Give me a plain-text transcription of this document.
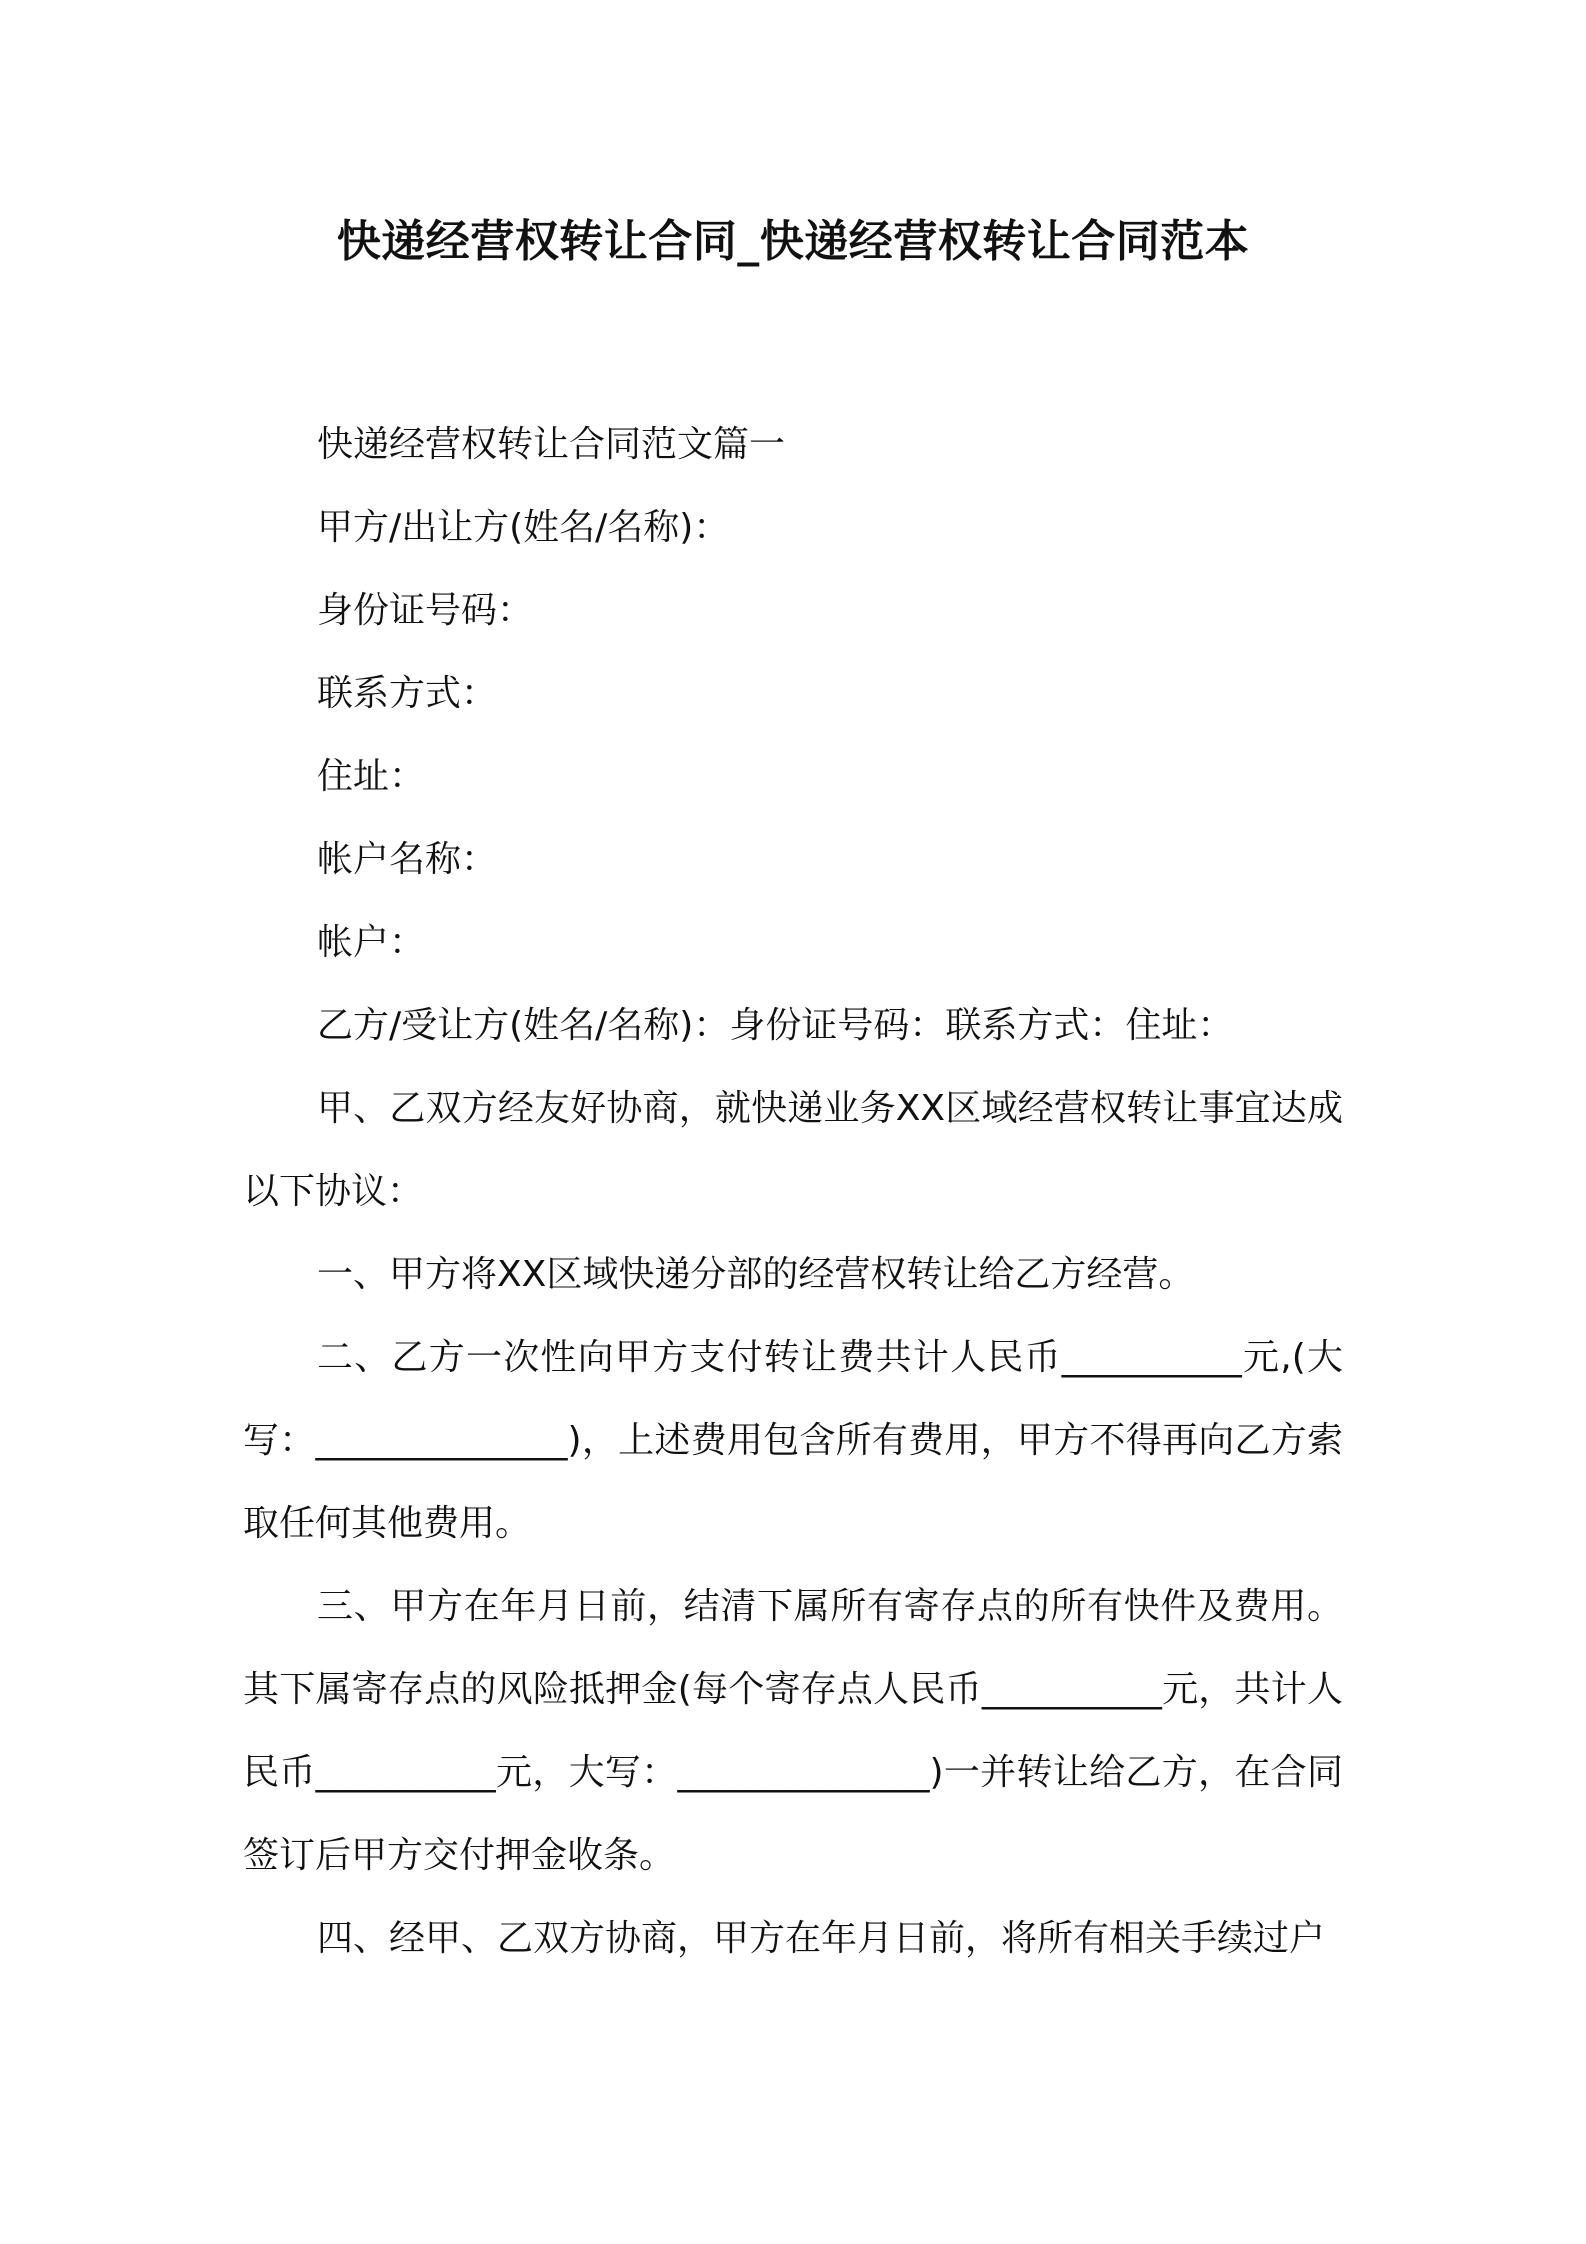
快递经营权转让合同_快递经营权转让合同范本

快递经营权转让合同范文篇一

甲方/出让方(姓名/名称)：

身份证号码：

联系方式：

住址：

帐户名称：

帐户：

乙方/受让方(姓名/名称)：身份证号码：联系方式：住址：

甲、乙双方经友好协商，就快递业务XX区域经营权转让事宜达成以下协议：

一、甲方将XX区域快递分部的经营权转让给乙方经营。

二、乙方一次性向甲方支付转让费共计人民币__________元,(大写：______________)，上述费用包含所有费用，甲方不得再向乙方索取任何其他费用。

三、甲方在年月日前，结清下属所有寄存点的所有快件及费用。其下属寄存点的风险抵押金(每个寄存点人民币__________元，共计人民币__________元，大写：______________)一并转让给乙方，在合同签订后甲方交付押金收条。

四、经甲、乙双方协商，甲方在年月日前，将所有相关手续过户
